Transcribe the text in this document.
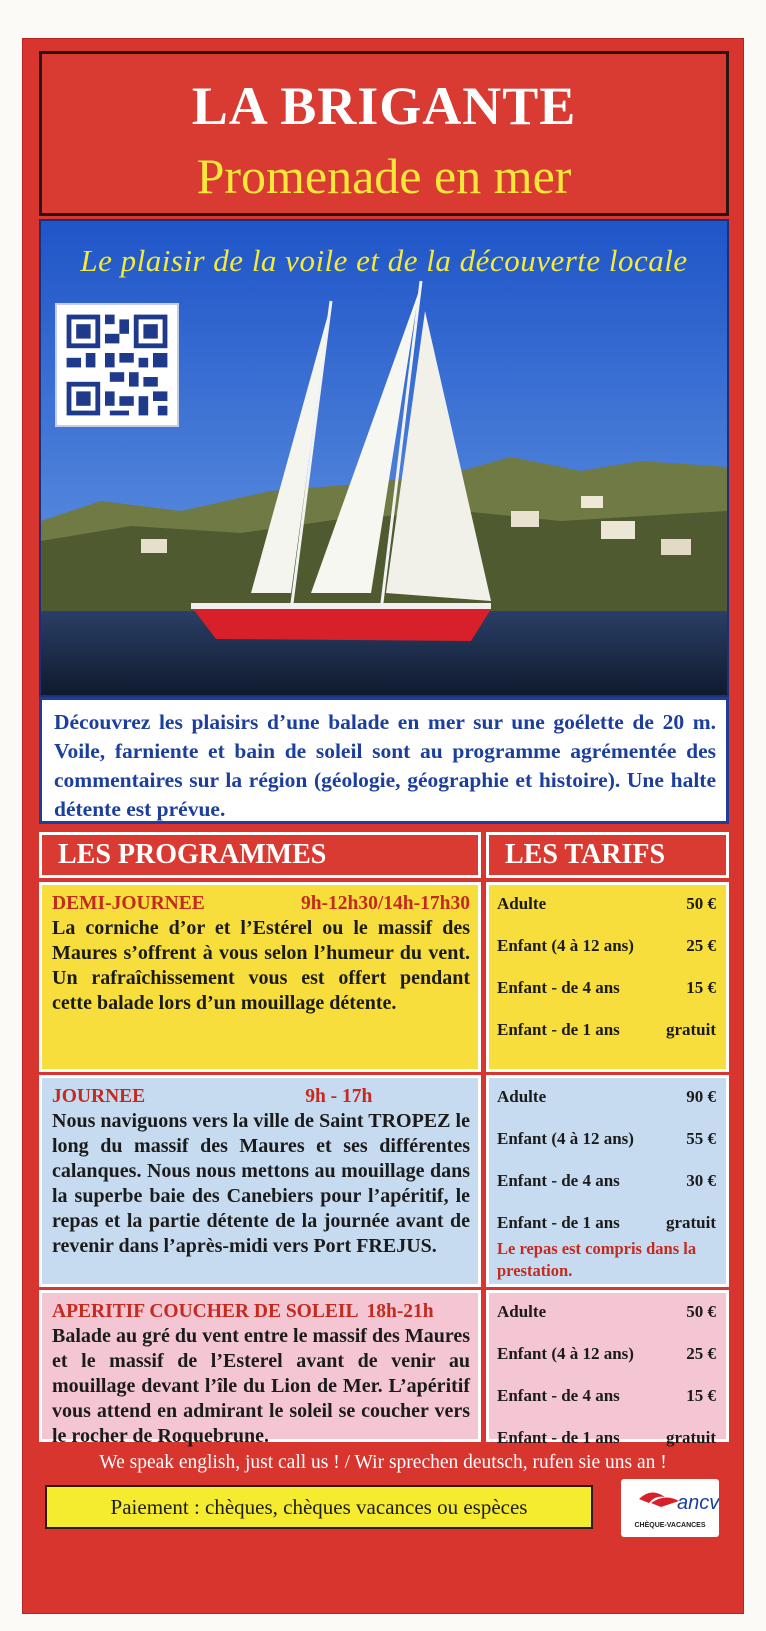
LA BRIGANTE
Promenade en mer
Le plaisir de la voile et de la découverte locale
Découvrez les plaisirs d’une balade en mer sur une goélette de 20 m. Voile, farniente et bain de soleil sont au programme agrémentée des commentaires sur la région (géologie, géographie et histoire). Une halte détente est prévue.
LES PROGRAMMES	LES TARIFS
DEMI-JOURNEE	9h-12h30/14h-17h30
La corniche d’or et l’Estérel ou le massif des Maures s’offrent à vous selon l’humeur du vent. Un rafraîchissement vous est offert pendant cette balade lors d’un mouillage détente.
Adulte	50 €
Enfant (4 à 12 ans)	25 €
Enfant - de 4 ans	15 €
Enfant - de 1 ans	gratuit
JOURNEE	9h - 17h
Nous naviguons vers la ville de Saint TROPEZ le long du massif des Maures et ses différentes calanques. Nous nous mettons au mouillage dans la superbe baie des Canebiers pour l’apéritif, le repas et la partie détente de la journée avant de revenir dans l’après-midi vers Port FREJUS.
Adulte	90 €
Enfant (4 à 12 ans)	55 €
Enfant - de 4 ans	30 €
Enfant - de 1 ans	gratuit
Le repas est compris dans la prestation.
APERITIF COUCHER DE SOLEIL 18h-21h
Balade au gré du vent entre le massif des Maures et le massif de l’Esterel avant de venir au mouillage devant l’île du Lion de Mer. L’apéritif vous attend en admirant le soleil se coucher vers le rocher de Roquebrune.
Adulte	50 €
Enfant (4 à 12 ans)	25 €
Enfant - de 4 ans	15 €
Enfant - de 1 ans	gratuit
We speak english, just call us ! / Wir sprechen deutsch, rufen sie uns an !
Paiement : chèques, chèques vacances ou espèces	ancv
CHÈQUE-VACANCES
